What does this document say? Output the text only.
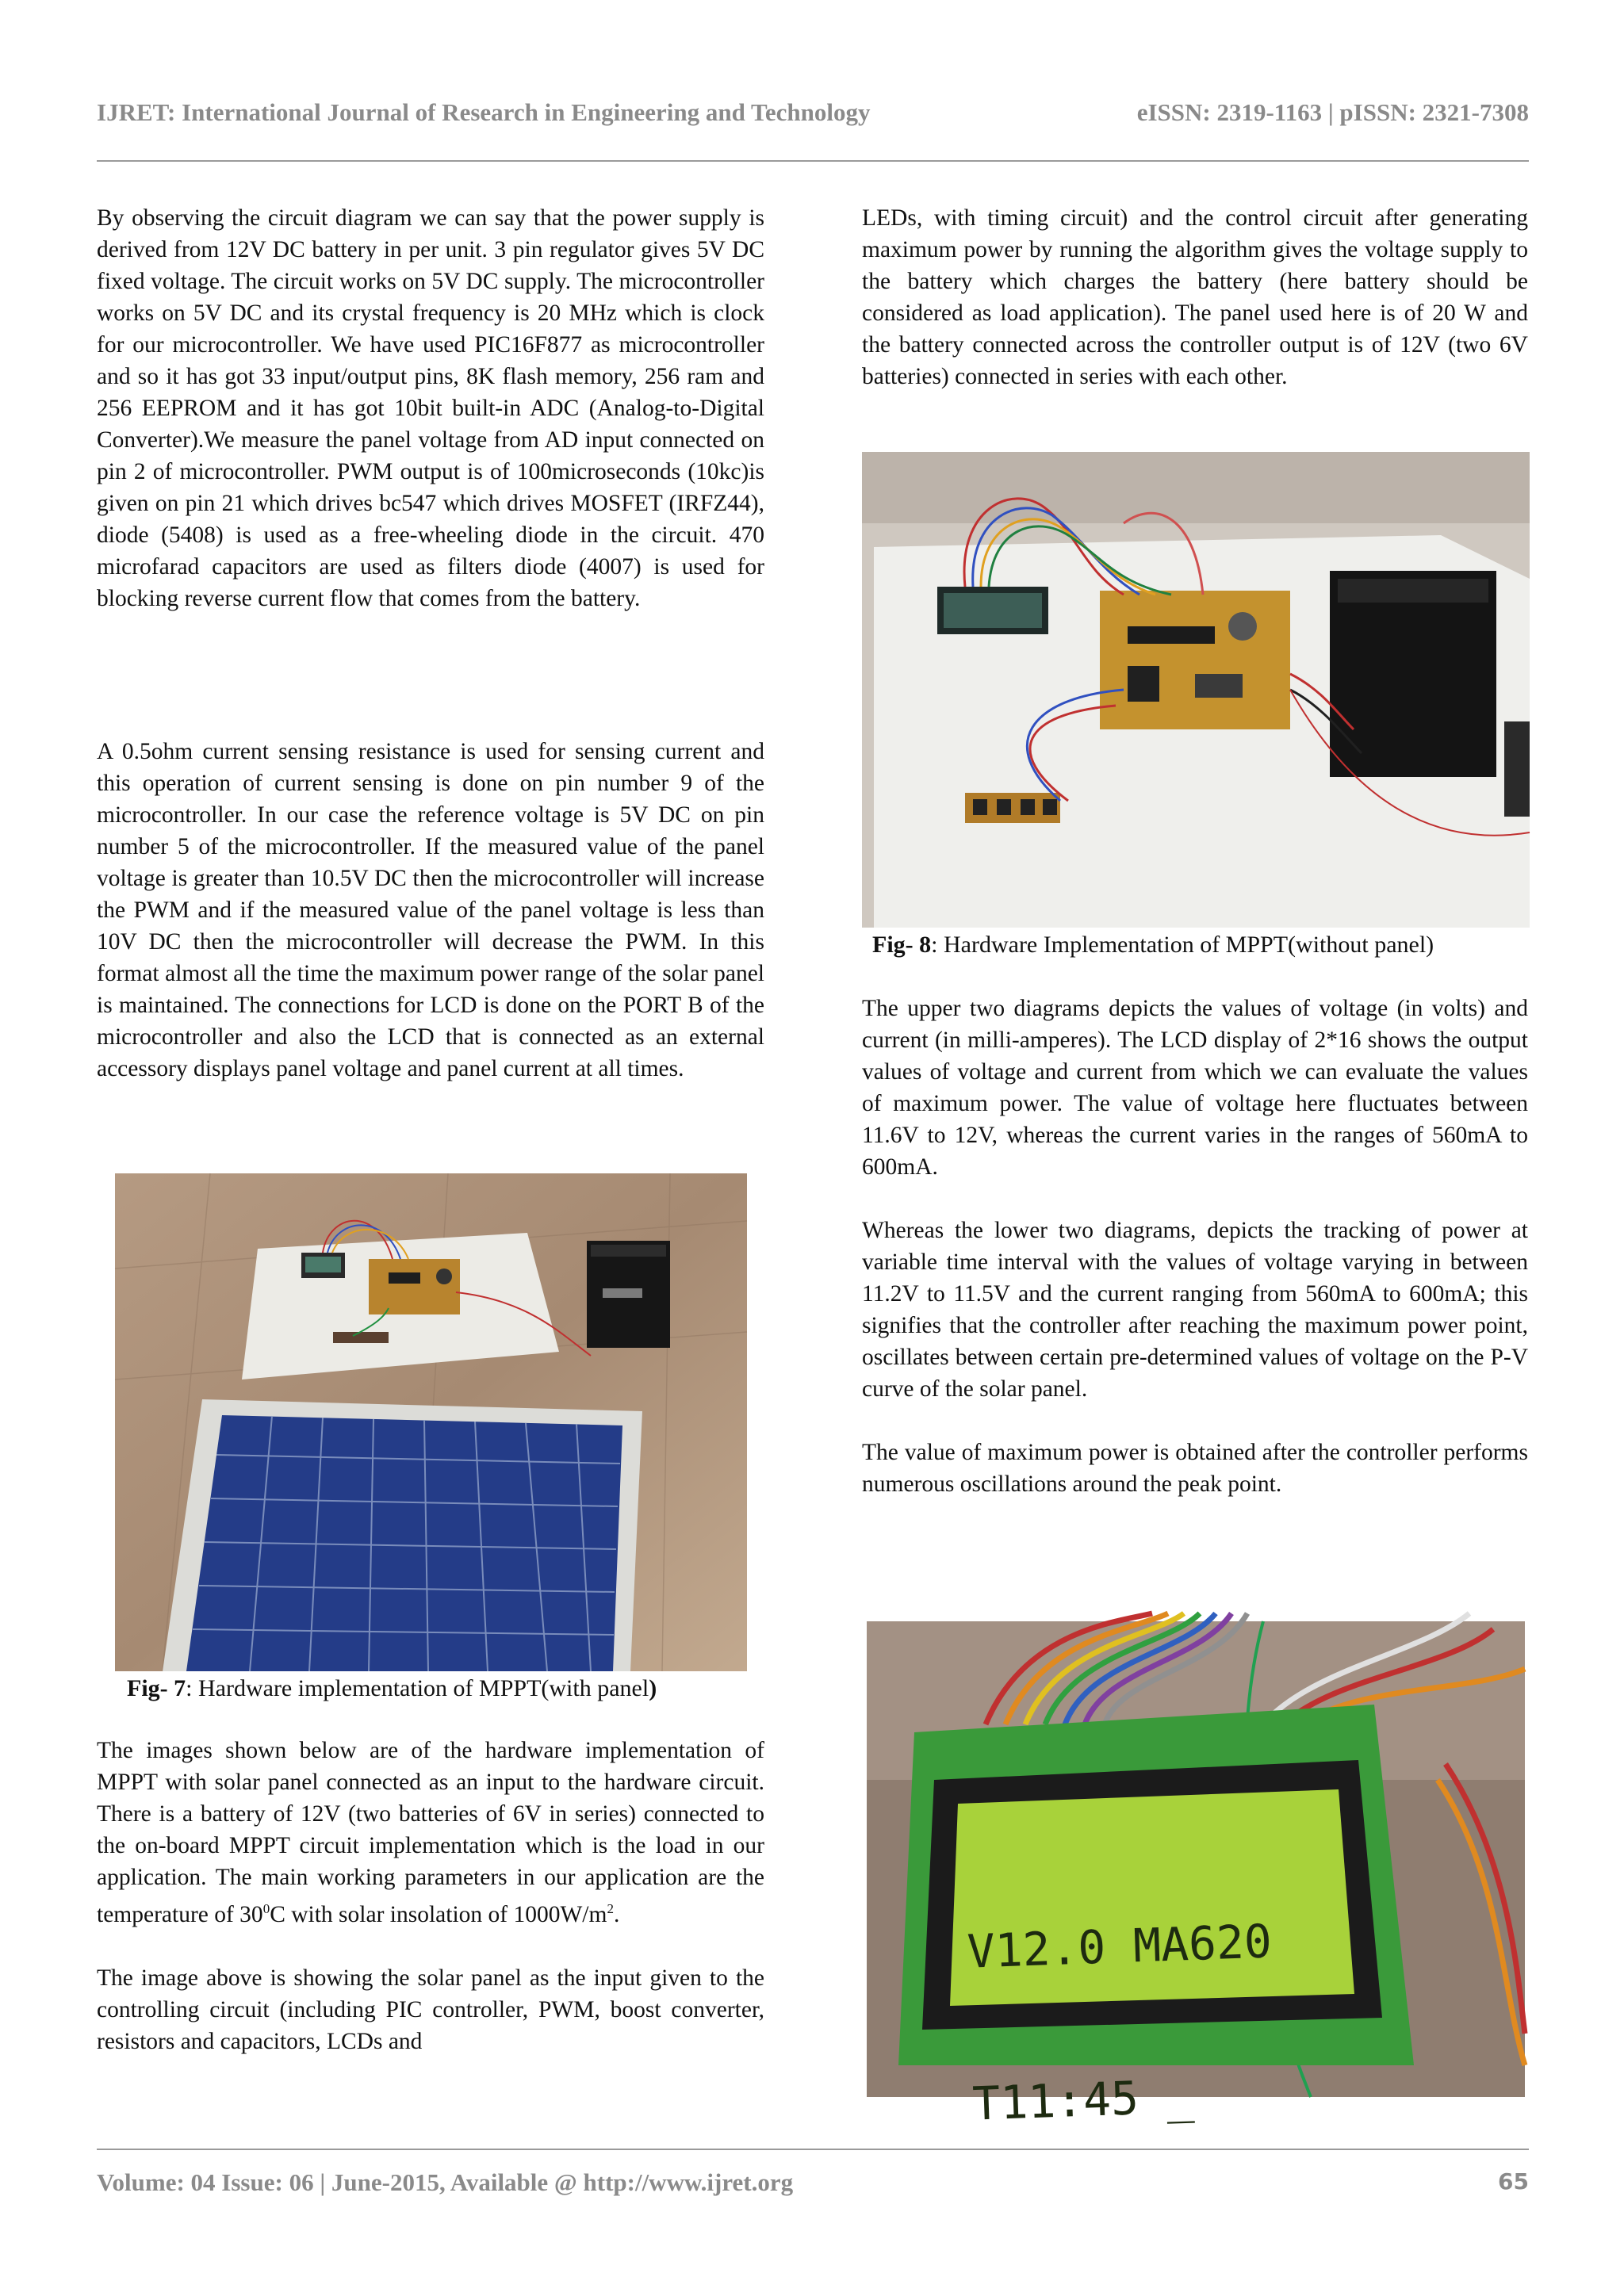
IJRET: International Journal of Research in Engineering and Technology	eISSN: 2319-1163 | pISSN: 2321-7308

By observing the circuit diagram we can say that the power supply is derived from 12V DC battery in per unit. 3 pin regulator gives 5V DC fixed voltage. The circuit works on 5V DC supply. The microcontroller works on 5V DC and its crystal frequency is 20 MHz which is clock for our microcontroller. We have used PIC16F877 as microcontroller and so it has got 33 input/output pins, 8K flash memory, 256 ram and 256 EEPROM and it has got 10bit built-in ADC (Analog-to-Digital Converter).We measure the panel voltage from AD input connected on pin 2 of microcontroller. PWM output is of 100microseconds (10kc)is given on pin 21 which drives bc547 which drives MOSFET (IRFZ44), diode (5408) is used as a free-wheeling diode in the circuit. 470 microfarad capacitors are used as filters diode (4007) is used for blocking reverse current flow that comes from the battery.

A 0.5ohm current sensing resistance is used for sensing current and this operation of current sensing is done on pin number 9 of the microcontroller. In our case the reference voltage is 5V DC on pin number 5 of the microcontroller. If the measured value of the panel voltage is greater than 10.5V DC then the microcontroller will increase the PWM and if the measured value of the panel voltage is less than 10V DC then the microcontroller will decrease the PWM. In this format almost all the time the maximum power range of the solar panel is maintained. The connections for LCD is done on the PORT B of the microcontroller and also the LCD that is connected as an external accessory displays panel voltage and panel current at all times.

Fig- 7: Hardware implementation of MPPT(with panel)

The images shown below are of the hardware implementation of MPPT with solar panel connected as an input to the hardware circuit. There is a battery of 12V (two batteries of 6V in series) connected to the on-board MPPT circuit implementation which is the load in our application. The main working parameters in our application are the temperature of $30^0C$ with solar insolation of $1000W/m^2$.

The image above is showing the solar panel as the input given to the controlling circuit (including PIC controller, PWM, boost converter, resistors and capacitors, LCDs and

LEDs, with timing circuit) and the control circuit after generating maximum power by running the algorithm gives the voltage supply to the battery which charges the battery (here battery should be considered as load application). The panel used here is of 20 W and the battery connected across the controller output is of 12V (two 6V batteries) connected in series with each other.

Fig- 8: Hardware Implementation of MPPT(without panel)

The upper two diagrams depicts the values of voltage (in volts) and current (in milli-amperes). The LCD display of 2*16 shows the output values of voltage and current from which we can evaluate the values of maximum power. The value of voltage here fluctuates between 11.6V to 12V, whereas the current varies in the ranges of 560mA to 600mA.

Whereas the lower two diagrams, depicts the tracking of power at variable time interval with the values of voltage varying in between 11.2V to 11.5V and the current ranging from 560mA to 600mA; this signifies that the controller after reaching the maximum power point, oscillates between certain pre-determined values of voltage on the P-V curve of the solar panel.

The value of maximum power is obtained after the controller performs numerous oscillations around the peak point.

V12.0 MA620

T11:45 _

Volume: 04 Issue: 06 | June-2015, Available @ http://www.ijret.org	65
